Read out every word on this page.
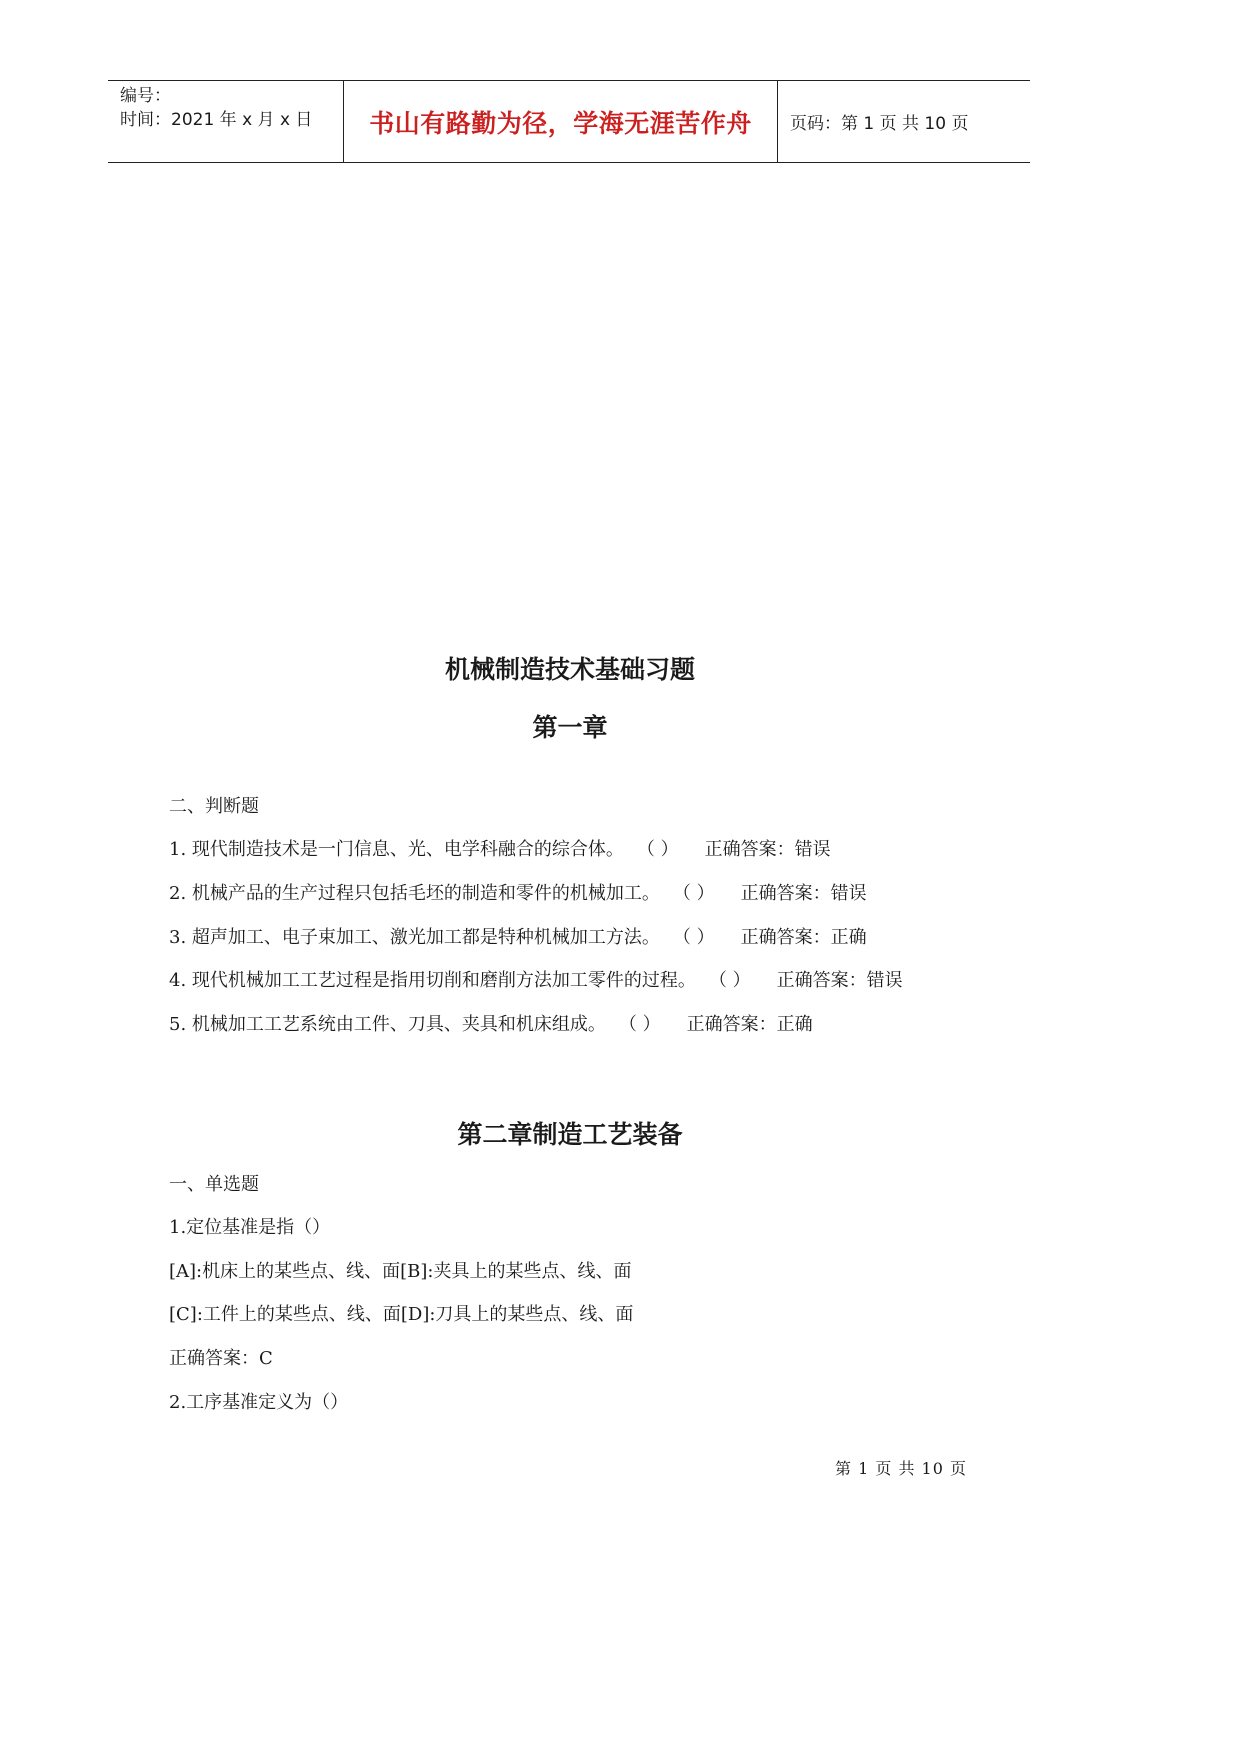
编号：
时间：2021 年 x 月 x 日	书山有路勤为径，学海无涯苦作舟 页码：第 1 页 共 10 页
机械制造技术基础习题
第一章
二、判断题
1. 现代制造技术是一门信息、光、电学科融合的综合体。 （ ） 正确答案：错误
2. 机械产品的生产过程只包括毛坯的制造和零件的机械加工。 （ ） 正确答案：错误
3. 超声加工、电子束加工、激光加工都是特种机械加工方法。 （ ） 正确答案：正确
4. 现代机械加工工艺过程是指用切削和磨削方法加工零件的过程。 （ ） 正确答案：错误
5. 机械加工工艺系统由工件、刀具、夹具和机床组成。 （ ） 正确答案：正确
第二章制造工艺装备
一、单选题
1.定位基准是指（）
[A]:机床上的某些点、线、面[B]:夹具上的某些点、线、面
[C]:工件上的某些点、线、面[D]:刀具上的某些点、线、面
正确答案：C
2.工序基准定义为（）
第 1 页 共 10 页
